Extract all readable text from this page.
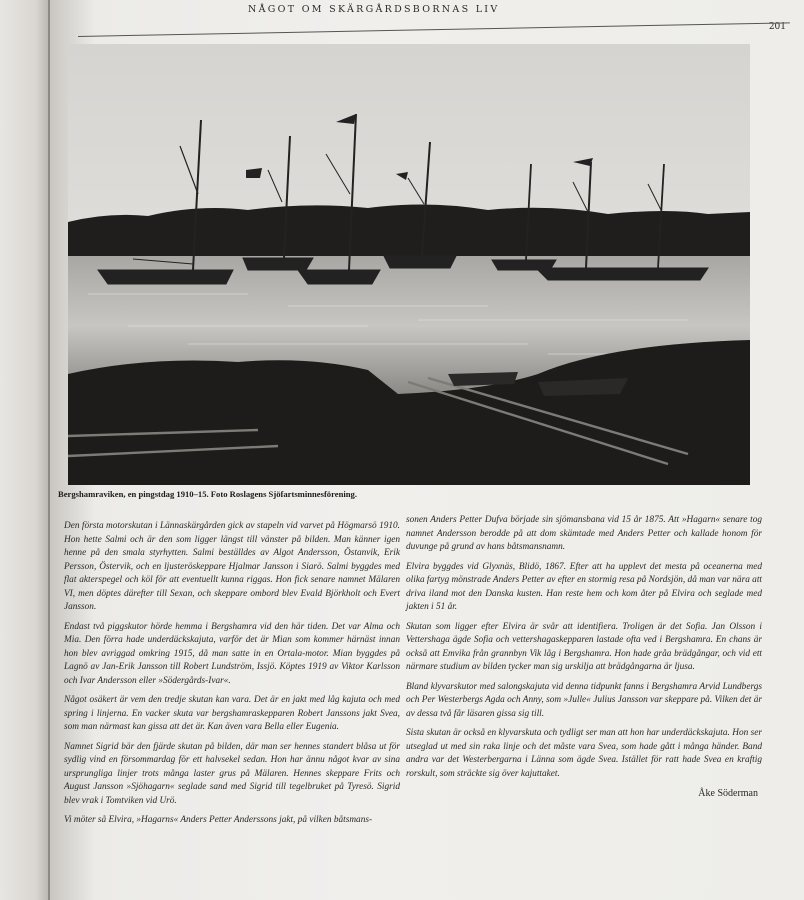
NÅGOT OM SKÄRGÅRDSBORNAS LIV
201
Bergshamraviken, en pingstdag 1910–15. Foto Roslagens Sjöfartsminnesförening.

Den första motorskutan i Lännaskärgården gick av stapeln vid varvet på Högmarsö 1910. Hon hette Salmi och är den som ligger längst till vänster på bilden. Man känner igen henne på den smala styrhytten. Salmi beställdes av Algot Andersson, Östanvik, Erik Persson, Östervik, och en ljusteröskeppare Hjalmar Jansson i Siarö. Salmi byggdes med flat akterspegel och köl för att eventuellt kunna riggas. Hon fick senare namnet Mälaren VI, men döptes därefter till Sexan, och skeppare ombord blev Evald Björkholt och Evert Jansson.

Endast två piggskutor hörde hemma i Bergshamra vid den här tiden. Det var Alma och Mia. Den förra hade underdäckskajuta, varför det är Mian som kommer härnäst innan hon blev avriggad omkring 1915, då man satte in en Ortala-motor. Mian byggdes på Lagnö av Jan-Erik Jansson till Robert Lundström, Issjö. Köptes 1919 av Viktor Karlsson och Ivar Andersson eller »Södergårds-Ivar«.

Något osäkert är vem den tredje skutan kan vara. Det är en jakt med låg kajuta och med spring i linjerna. En vacker skuta var bergshamraskepparen Robert Janssons jakt Svea, som man närmast kan gissa att det är. Kan även vara Bella eller Eugenia.

Namnet Sigrid bär den fjärde skutan på bilden, där man ser hennes standert blåsa ut för sydlig vind en försommardag för ett halvsekel sedan. Hon har ännu något kvar av sina ursprungliga linjer trots många laster grus på Mälaren. Hennes skeppare Frits och August Jansson »Sjöhagarn« seglade sand med Sigrid till tegelbruket på Tyresö. Sigrid blev vrak i Tomtviken vid Urö.

Vi möter så Elvira, »Hagarns« Anders Petter Anderssons jakt, på vilken båtsmans-

sonen Anders Petter Dufva började sin sjömansbana vid 15 år 1875. Att »Hagarn« senare tog namnet Andersson berodde på att dom skämtade med Anders Petter och kallade honom för duvunge på grund av hans båtsmansnamn.

Elvira byggdes vid Glyxnäs, Blidö, 1867. Efter att ha upplevt det mesta på oceanerna med olika fartyg mönstrade Anders Petter av efter en stormig resa på Nordsjön, då man var nära att driva iland mot den Danska kusten. Han reste hem och kom åter på Elvira och seglade med jakten i 51 år.

Skutan som ligger efter Elvira är svår att identifiera. Troligen är det Sofia. Jan Olsson i Vettershaga ägde Sofia och vettershagaskepparen lastade ofta ved i Bergshamra. En chans är också att Emvika från grannbyn Vik låg i Bergshamra. Hon hade gråa brädgångar, och vid ett närmare studium av bilden tycker man sig urskilja att brädgångarna är ljusa.

Bland klyvarskutor med salongskajuta vid denna tidpunkt fanns i Bergshamra Arvid Lundbergs och Per Westerbergs Agda och Anny, som »Julle« Julius Jansson var skeppare på. Vilken det är av dessa två får läsaren gissa sig till.

Sista skutan är också en klyvarskuta och tydligt ser man att hon har underdäckskajuta. Hon ser utseglad ut med sin raka linje och det måste vara Svea, som hade gått i många händer. Band andra var det Westerbergarna i Länna som ägde Svea. Istället för ratt hade Svea en kraftig rorskult, som sträckte sig över kajuttaket.

Åke Söderman
